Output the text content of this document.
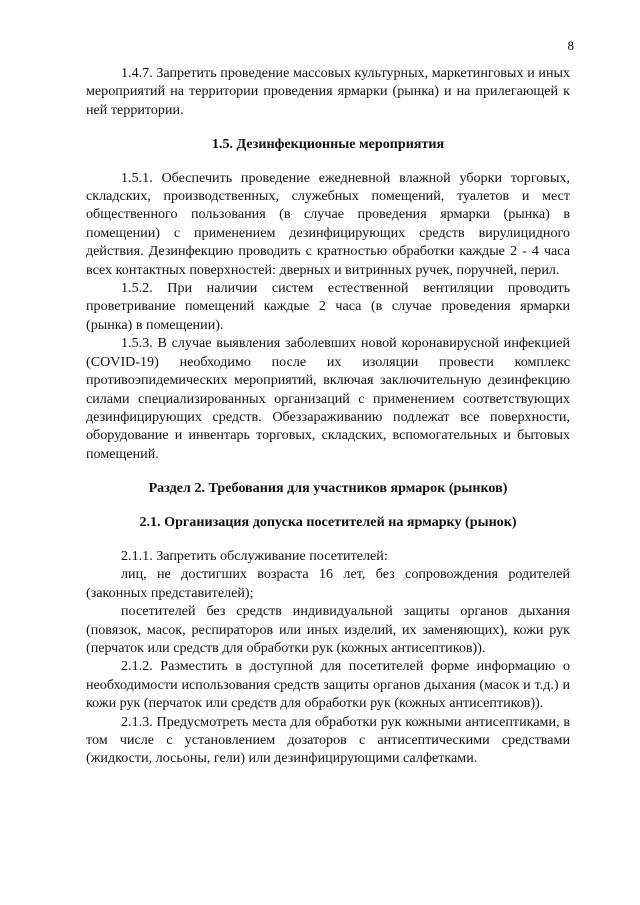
8

1.4.7. Запретить проведение массовых культурных, маркетинговых и иных мероприятий на территории проведения ярмарки (рынка) и на прилегающей к ней территории.

1.5. Дезинфекционные мероприятия

1.5.1. Обеспечить проведение ежедневной влажной уборки торговых, складских, производственных, служебных помещений, туалетов и мест общественного пользования (в случае проведения ярмарки (рынка) в помещении) с применением дезинфицирующих средств вирулицидного действия. Дезинфекцию проводить с кратностью обработки каждые 2 - 4 часа всех контактных поверхностей: дверных и витринных ручек, поручней, перил.

1.5.2. При наличии систем естественной вентиляции проводить проветривание помещений каждые 2 часа (в случае проведения ярмарки (рынка) в помещении).

1.5.3. В случае выявления заболевших новой коронавирусной инфекцией (COVID-19) необходимо после их изоляции провести комплекс противоэпидемических мероприятий, включая заключительную дезинфекцию силами специализированных организаций с применением соответствующих дезинфицирующих средств. Обеззараживанию подлежат все поверхности, оборудование и инвентарь торговых, складских, вспомогательных и бытовых помещений.

Раздел 2. Требования для участников ярмарок (рынков)

2.1. Организация допуска посетителей на ярмарку (рынок)

2.1.1. Запретить обслуживание посетителей:

лиц, не достигших возраста 16 лет, без сопровождения родителей (законных представителей);

посетителей без средств индивидуальной защиты органов дыхания (повязок, масок, респираторов или иных изделий, их заменяющих), кожи рук (перчаток или средств для обработки рук (кожных антисептиков)).

2.1.2. Разместить в доступной для посетителей форме информацию о необходимости использования средств защиты органов дыхания (масок и т.д.) и кожи рук (перчаток или средств для обработки рук (кожных антисептиков)).

2.1.3. Предусмотреть места для обработки рук кожными антисептиками, в том числе с установлением дозаторов с антисептическими средствами (жидкости, лосьоны, гели) или дезинфицирующими салфетками.
